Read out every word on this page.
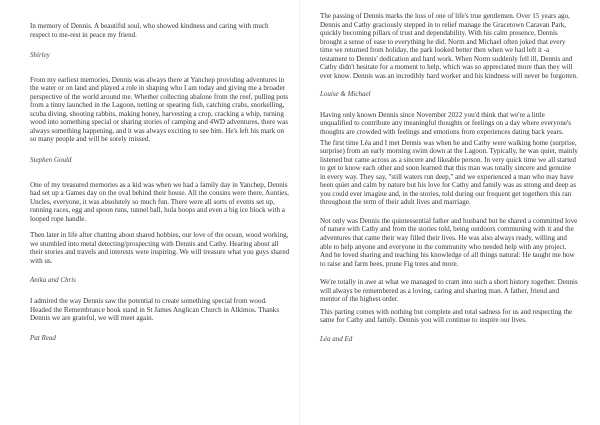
In memory of Dennis. A beautiful soul, who showed kindness and caring with much respect to me-rest in peace my friend.

Shirley

From my earliest memories, Dennis was always there at Yanchep providing adventures in the water or on land and played a role in shaping who I am today and giving me a broader perspective of the world around me. Whether collecting abalone from the reef, pulling pots from a tinny launched in the Lagoon, netting or spearing fish, catching crabs, snorkelling, scuba diving, shooting rabbits, making honey, harvesting a crop, cracking a whip, turning wood into something special or sharing stories of camping and 4WD adventures, there was always something happening, and it was always exciting to see him. He's left his mark on so many people and will be sorely missed.

Stephen Gould

One of my treasured memories as a kid was when we had a family day in Yanchep, Dennis had set up a Games day on the oval behind their house. All the cousins were there, Aunties, Uncles, everyone, it was absolutely so much fun. There were all sorts of events set up, running races, egg and spoon runs, tunnel ball, hula hoops and even a big ice block with a looped rope handle.

Then later in life after chatting about shared hobbies, our love of the ocean, wood working, we stumbled into metal detecting/prospecting with Dennis and Cathy. Hearing about all their stories and travels and interests were inspiring. We will treasure what you guys shared with us.

Anika and Chris

I admired the way Dennis saw the potential to create something special from wood. Headed the Remembrance book stand in St James Anglican Church in Alkimos. Thanks Dennis we are grateful, we will meet again.

Pat Read

The passing of Dennis marks the loss of one of life's true gentlemen. Over 15 years ago, Dennis and Cathy graciously stepped in to relief manage the Gracetown Caravan Park, quickly becoming pillars of trust and dependability. With his calm presence, Dennis brought a sense of ease to everything he did. Norm and Michael often joked that every time we returned from holiday, the park looked better then when we had left it -a testament to Dennis' dedication and hard work. When Norm suddenly fell ill, Dennis and Cathy didn't hesitate for a moment to help, which was so appreciated more than they will ever know. Dennis was an incredibly hard worker and his kindness will never be forgotten.

Louise & Michael

Having only known Dennis since November 2022 you'd think that we're a little unqualified to contribute any meaningful thoughts or feelings on a day where everyone's thoughts are crowded with feelings and emotions from experiences dating back years.

The first time Léa and I met Dennis was when he and Cathy were walking home (surprise, surprise) from an early morning swim down at the Lagoon. Typically, he was quiet, mainly listened but came across as a sincere and likeable person. In very quick time we all started to get to know each other and soon learned that this man was totally sincere and genuine in every way. They say, "still waters run deep," and we experienced a man who may have been quiet and calm by nature but his love for Cathy and family was as strong and deep as you could ever imagine and, in the stories, told during our frequent get togethers this ran throughout the term of their adult lives and marriage.

Not only was Dennis the quintessential father and husband but he shared a committed love of nature with Cathy and from the stories told, being outdoors communing with it and the adventures that came their way filled their lives. He was also always ready, willing and able to help anyone and everyone in the community who needed help with any project. And he loved sharing and teaching his knowledge of all things natural: He taught me how to raise and farm bees, prune Fig trees and more.

We're totally in awe at what we managed to cram into such a short history together. Dennis will always be remembered as a loving, caring and sharing man. A father, friend and mentor of the highest order.

This parting comes with nothing but complete and total sadness for us and respecting the same for Cathy and family. Dennis you will continue to inspire our lives.

Léa and Ed
